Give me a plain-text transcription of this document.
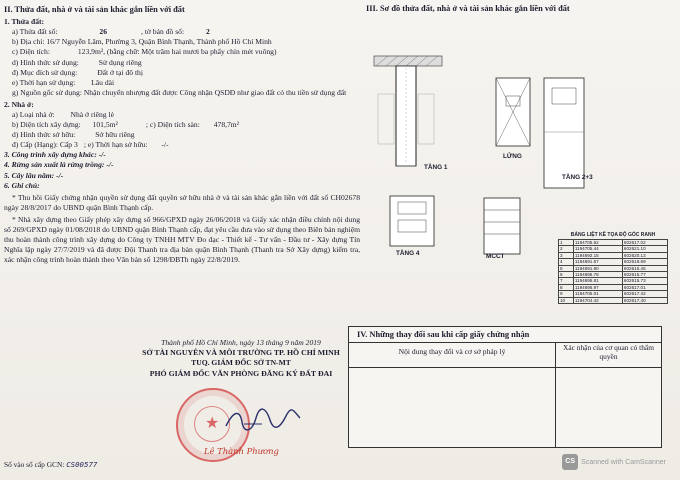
II. Thửa đất, nhà ở và tài sản khác gắn liền với đất
1. Thửa đất:
a) Thửa đất số:	26	, tờ bản đồ số:	2
b) Địa chỉ: 16/7 Nguyễn Lâm, Phường 3, Quận Bình Thạnh, Thành phố Hồ Chí Minh
c) Diện tích:	123,9m², (bằng chữ: Một trăm hai mươi ba phẩy chín mét vuông)
d) Hình thức sử dụng: Sử dụng riêng
đ) Mục đích sử dụng: Đất ở tại đô thị
e) Thời hạn sử dụng: Lâu dài
g) Nguồn gốc sử dụng: Nhận chuyển nhượng đất được Công nhận QSDĐ như giao đất có thu tiền sử dụng đất
2. Nhà ở:
a) Loại nhà ở: Nhà ở riêng lẻ
b) Diện tích xây dựng: 101,5m²	; c) Diện tích sàn: 478,7m²
d) Hình thức sở hữu: Sở hữu riêng
đ) Cấp (Hạng): Cấp 3 ; e) Thời hạn sở hữu: -/-
3. Công trình xây dựng khác: -/-
4. Rừng sản xuất là rừng trồng: -/-
5. Cây lâu năm: -/-
6. Ghi chú:
* Thu hồi Giấy chứng nhận quyền sử dụng đất quyền sở hữu nhà ở và tài sản khác gắn liền với đất số CH02678 ngày 28/8/2017 do UBND quận Bình Thạnh cấp.
* Nhà xây dựng theo Giấy phép xây dựng số 966/GPXD ngày 26/06/2018 và Giấy xác nhận điều chỉnh nội dung số 269/GPXD ngày 01/08/2018 do UBND quận Bình Thạnh cấp, đạt yêu cầu đưa vào sử dụng theo Biên bản nghiệm thu hoàn thành công trình xây dựng do Công ty TNHH MTV Đo đạc - Thiết kế - Tư vấn - Đầu tư - Xây dựng Tín Nghĩa lập ngày 27/7/2019 và đã được Đội Thanh tra địa bàn quận Bình Thạnh (Thanh tra Sở Xây dựng) kiểm tra, xác nhận công trình hoàn thành theo Văn bản số 1298/ĐBTh ngày 22/8/2019.
Thành phố Hồ Chí Minh, ngày 13 tháng 9 năm 2019
SỞ TÀI NGUYÊN VÀ MÔI TRƯỜNG TP. HỒ CHÍ MINH
TUQ. GIÁM ĐỐC SỞ TN-MT
PHÓ GIÁM ĐỐC VĂN PHÒNG ĐĂNG KÝ ĐẤT ĐAI
★
Lê Thành Phương
Số vào sổ cấp GCN: CS00577
III. Sơ đồ thửa đất, nhà ở và tài sản khác gắn liền với đất
TẦNG 1
LỬNG
TẦNG 2+3
TẦNG 4	MCCT
BẢNG LIỆT KÊ TỌA ĐỘ GÓC RANH
1	1194705.62	602617.02
2	1194705.44	602621.10
3	1194692.15	602620.13
4	1194691.57	602619.69
5	1194691.90	602615.45
6	1194695.78	602615.77
7	1194695.81	602615.73
8	1194695.97	602617.01
9	1194705.01	602617.42
10	1194704.42	602617.40
IV. Những thay đổi sau khi cấp giấy chứng nhận
Nội dung thay đổi và cơ sở pháp lý	Xác nhận của cơ quan có thẩm quyền
CS Scanned with CamScanner
